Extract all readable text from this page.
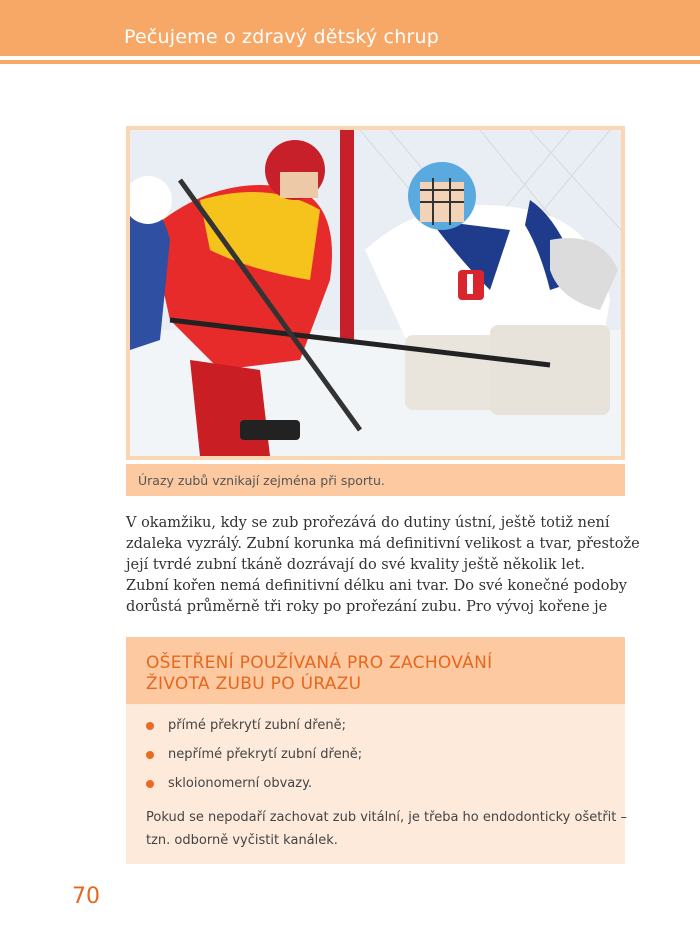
Pečujeme o zdravý dětský chrup
Úrazy zubů vznikají zejména při sportu.
V okamžiku, kdy se zub prořezává do dutiny ústní, ještě totiž není
zdaleka vyzrálý. Zubní korunka má definitivní velikost a tvar, přestože
její tvrdé zubní tkáně dozrávají do své kvality ještě několik let.
Zubní kořen nemá definitivní délku ani tvar. Do své konečné podoby
dorůstá průměrně tři roky po prořezání zubu. Pro vývoj kořene je
OŠETŘENÍ POUŽÍVANÁ PRO ZACHOVÁNÍ
ŽIVOTA ZUBU PO ÚRAZU
přímé překrytí zubní dřeně;
nepřímé překrytí zubní dřeně;
skloionomerní obvazy.
Pokud se nepodaří zachovat zub vitální, je třeba ho endodonticky ošetřit –
tzn. odborně vyčistit kanálek.
70
